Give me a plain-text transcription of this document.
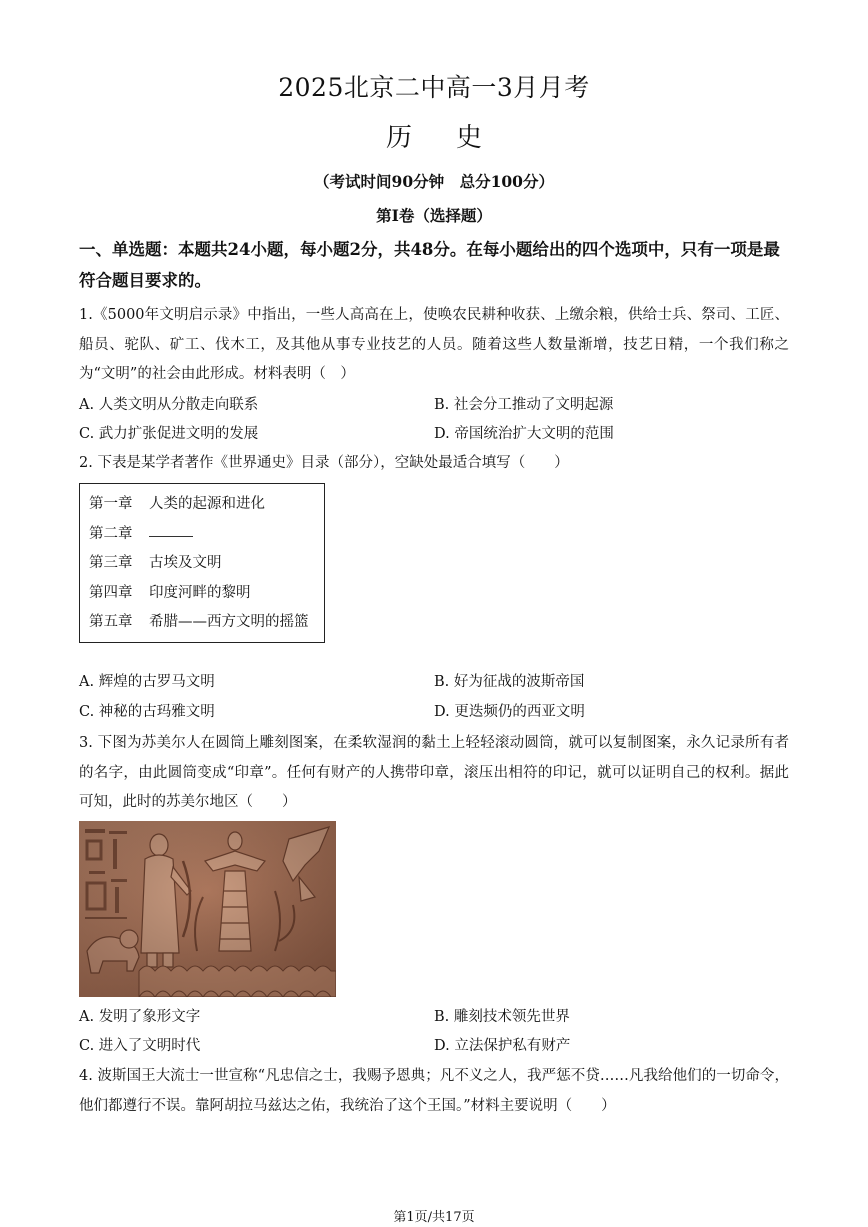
2025北京二中高一3月月考
历史
（考试时间90分钟　总分100分）
第I卷（选择题）
一、单选题：本题共24小题，每小题2分，共48分。在每小题给出的四个选项中，只有一项是最符合题目要求的。
1.《5000年文明启示录》中指出，一些人高高在上，使唤农民耕种收获、上缴余粮，供给士兵、祭司、工匠、船员、驼队、矿工、伐木工，及其他从事专业技艺的人员。随着这些人数量渐增，技艺日精，一个我们称之为“文明”的社会由此形成。材料表明（　）
A. 人类文明从分散走向联系	B. 社会分工推动了文明起源
C. 武力扩张促进文明的发展	D. 帝国统治扩大文明的范围
2. 下表是某学者著作《世界通史》目录（部分），空缺处最适合填写（　　）
第一章 人类的起源和进化
第二章
第三章 古埃及文明
第四章 印度河畔的黎明
第五章 希腊——西方文明的摇篮
A. 辉煌的古罗马文明	B. 好为征战的波斯帝国
C. 神秘的古玛雅文明	D. 更迭频仍的西亚文明
3. 下图为苏美尔人在圆筒上雕刻图案，在柔软湿润的黏土上轻轻滚动圆筒，就可以复制图案，永久记录所有者的名字，由此圆筒变成“印章”。任何有财产的人携带印章，滚压出相符的印记，就可以证明自己的权利。据此可知，此时的苏美尔地区（　　）
A. 发明了象形文字	B. 雕刻技术领先世界
C. 进入了文明时代	D. 立法保护私有财产
4. 波斯国王大流士一世宣称“凡忠信之士，我赐予恩典；凡不义之人，我严惩不贷……凡我给他们的一切命令，他们都遵行不误。靠阿胡拉马兹达之佑，我统治了这个王国。”材料主要说明（　　）
第1页/共17页
